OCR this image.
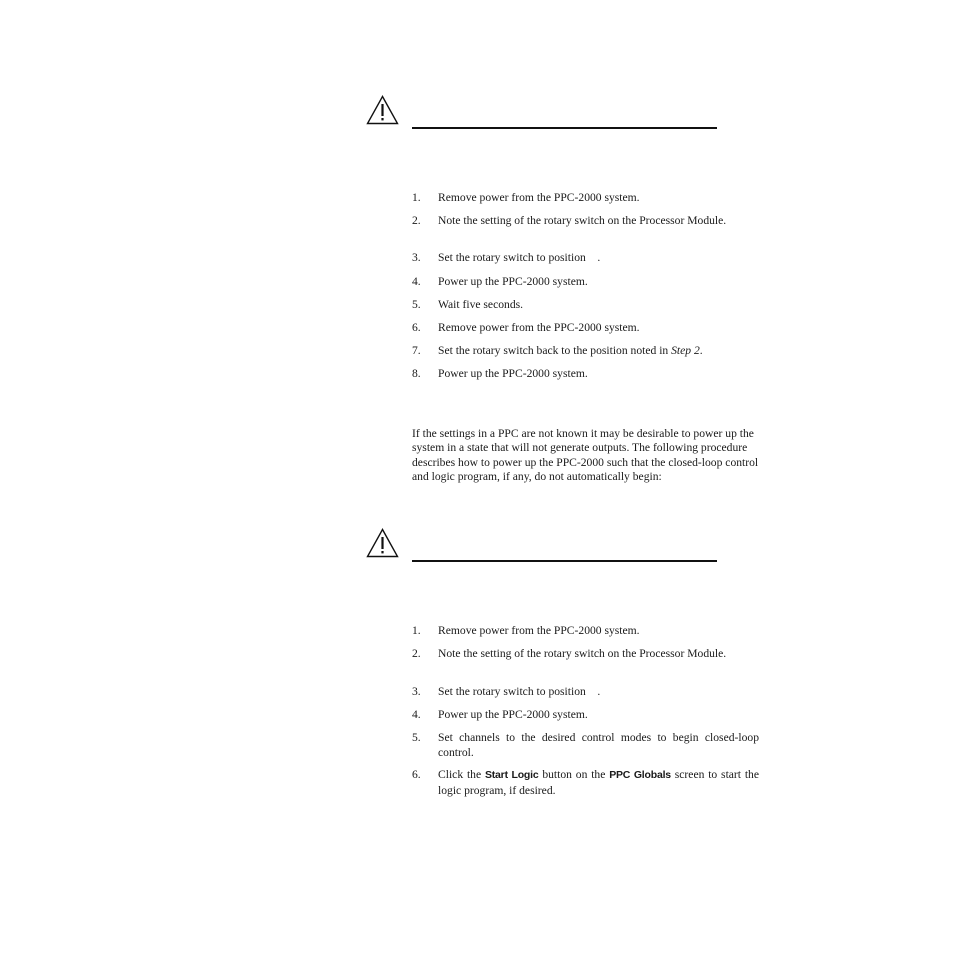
1. Remove power from the PPC-2000 system.
2. Note the setting of the rotary switch on the Processor Module.
3. Set the rotary switch to position .
4. Power up the PPC-2000 system.
5. Wait five seconds.
6. Remove power from the PPC-2000 system.
7. Set the rotary switch back to the position noted in Step 2.
8. Power up the PPC-2000 system.

If the settings in a PPC are not known it may be desirable to power up the system in a state that will not generate outputs. The following procedure describes how to power up the PPC-2000 such that the closed-loop control and logic program, if any, do not automatically begin:

1. Remove power from the PPC-2000 system.
2. Note the setting of the rotary switch on the Processor Module.
3. Set the rotary switch to position .
4. Power up the PPC-2000 system.
5. Set channels to the desired control modes to begin closed-loop control.
6. Click the Start Logic button on the PPC Globals screen to start the logic program, if desired.
